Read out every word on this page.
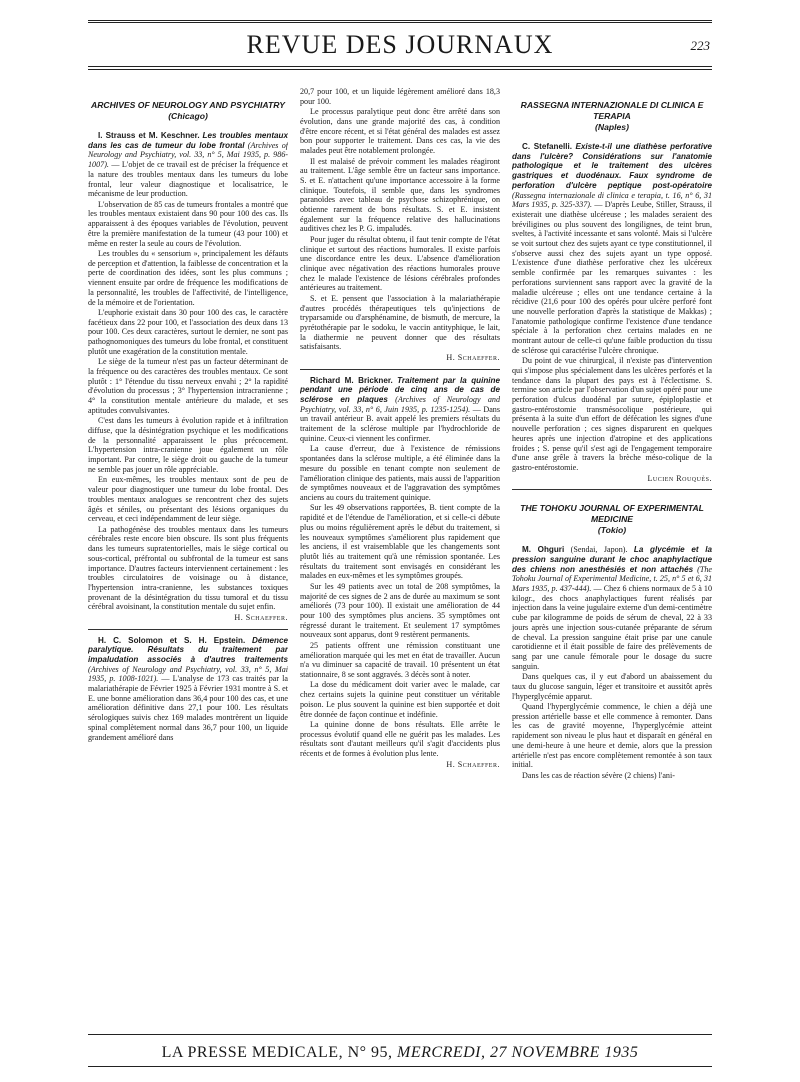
REVUE DES JOURNAUX	223
ARCHIVES OF NEUROLOGY AND PSYCHIATRY
(Chicago)

I. Strauss et M. Keschner. Les troubles mentaux dans les cas de tumeur du lobe frontal (Archives of Neurology and Psychiatry, vol. 33, n° 5, Mai 1935, p. 986-1007). — L'objet de ce travail est de préciser la fréquence et la nature des troubles mentaux dans les tumeurs du lobe frontal, leur valeur diagnostique et localisatrice, le mécanisme de leur production.

L'observation de 85 cas de tumeurs frontales a montré que les troubles mentaux existaient dans 90 pour 100 des cas. Ils apparaissent à des époques variables de l'évolution, peuvent être la première manifestation de la tumeur (43 pour 100) et même en rester la seule au cours de l'évolution.

Les troubles du « sensorium », principalement les défauts de perception et d'attention, la faiblesse de concentration et la perte de coordination des idées, sont les plus communs ; viennent ensuite par ordre de fréquence les modifications de la personnalité, les troubles de l'affectivité, de l'intelligence, de la mémoire et de l'orientation.

L'euphorie existait dans 30 pour 100 des cas, le caractère facétieux dans 22 pour 100, et l'association des deux dans 13 pour 100. Ces deux caractères, surtout le dernier, ne sont pas pathognomoniques des tumeurs du lobe frontal, et constituent plutôt une exagération de la constitution mentale.

Le siège de la tumeur n'est pas un facteur déterminant de la fréquence ou des caractères des troubles mentaux. Ce sont plutôt : 1° l'étendue du tissu nerveux envahi ; 2° la rapidité d'évolution du processus ; 3° l'hypertension intracranienne ; 4° la constitution mentale antérieure du malade, et ses aptitudes convulsivantes.

C'est dans les tumeurs à évolution rapide et à infiltration diffuse, que la désintégration psychique et les modifications de la personnalité apparaissent le plus précocement. L'hypertension intra-cranienne joue également un rôle important. Par contre, le siège droit ou gauche de la tumeur ne semble pas jouer un rôle appréciable.

En eux-mêmes, les troubles mentaux sont de peu de valeur pour diagnostiquer une tumeur du lobe frontal. Des troubles mentaux analogues se rencontrent chez des sujets âgés et séniles, ou présentant des lésions organiques du cerveau, et ceci indépendamment de leur siège.

La pathogénèse des troubles mentaux dans les tumeurs cérébrales reste encore bien obscure. Ils sont plus fréquents dans les tumeurs supratentorielles, mais le siège cortical ou sous-cortical, préfrontal ou subfrontal de la tumeur est sans importance. D'autres facteurs interviennent certainement : les troubles circulatoires de voisinage ou à distance, l'hypertension intra-cranienne, les substances toxiques provenant de la désintégration du tissu tumoral et du tissu cérébral avoisinant, la constitution mentale du sujet enfin.

H. Schaeffer.

H. C. Solomon et S. H. Epstein. Démence paralytique. Résultats du traitement par impaludation associés à d'autres traitements (Archives of Neurology and Psychiatry, vol. 33, n° 5, Mai 1935, p. 1008-1021). — L'analyse de 173 cas traités par la malariathérapie de Février 1925 à Février 1931 montre à S. et E. une bonne amélioration dans 36,4 pour 100 des cas, et une amélioration définitive dans 27,1 pour 100. Les résultats sérologiques suivis chez 169 malades montrèrent un liquide spinal complètement normal dans 36,7 pour 100, un liquide grandement amélioré dans

20,7 pour 100, et un liquide légèrement amélioré dans 18,3 pour 100.

Le processus paralytique peut donc être arrêté dans son évolution, dans une grande majorité des cas, à condition d'être encore récent, et si l'état général des malades est assez bon pour supporter le traitement. Dans ces cas, la vie des malades peut être notablement prolongée.

Il est malaisé de prévoir comment les malades réagiront au traitement. L'âge semble être un facteur sans importance. S. et E. n'attachent qu'une importance accessoire à la forme clinique. Toutefois, il semble que, dans les syndromes paranoïdes avec tableau de psychose schizophrénique, on obtienne rarement de bons résultats. S. et E. insistent également sur la fréquence relative des hallucinations auditives chez les P. G. impaludés.

Pour juger du résultat obtenu, il faut tenir compte de l'état clinique et surtout des réactions humorales. Il existe parfois une discordance entre les deux. L'absence d'amélioration clinique avec négativation des réactions humorales prouve chez le malade l'existence de lésions cérébrales profondes antérieures au traitement.

S. et E. pensent que l'association à la malariathérapie d'autres procédés thérapeutiques tels qu'injections de tryparsamide ou d'arsphénamine, de bismuth, de mercure, la pyrétothérapie par le sodoku, le vaccin antityphique, le lait, la diathermie ne peuvent donner que des résultats satisfaisants.

H. Schaeffer.

Richard M. Brickner. Traitement par la quinine pendant une période de cinq ans de cas de sclérose en plaques (Archives of Neurology and Psychiatry, vol. 33, n° 6, Juin 1935, p. 1235-1254). — Dans un travail antérieur B. avait appelé les premiers résultats du traitement de la sclérose multiple par l'hydrochloride de quinine. Ceux-ci viennent les confirmer.

La cause d'erreur, due à l'existence de rémissions spontanées dans la sclérose multiple, a été éliminée dans la mesure du possible en tenant compte non seulement de l'amélioration clinique des patients, mais aussi de l'apparition de symptômes nouveaux et de l'aggravation des symptômes anciens au cours du traitement quinique.

Sur les 49 observations rapportées, B. tient compte de la rapidité et de l'étendue de l'amélioration, et si celle-ci débute plus ou moins régulièrement après le début du traitement, si les nouveaux symptômes s'améliorent plus rapidement que les anciens, il est vraisemblable que les changements sont plutôt liés au traitement qu'à une rémission spontanée. Les résultats du traitement sont envisagés en considérant les malades en eux-mêmes et les symptômes groupés.

Sur les 49 patients avec un total de 208 symptômes, la majorité de ces signes de 2 ans de durée au maximum se sont améliorés (73 pour 100). Il existait une amélioration de 44 pour 100 des symptômes plus anciens. 35 symptômes ont régressé durant le traitement. Et seulement 17 symptômes nouveaux sont apparus, dont 9 restèrent permanents.

25 patients offrent une rémission constituant une amélioration marquée qui les met en état de travailler. Aucun n'a vu diminuer sa capacité de travail. 10 présentent un état stationnaire, 8 se sont aggravés. 3 décès sont à noter.

La dose du médicament doit varier avec le malade, car chez certains sujets la quinine peut constituer un véritable poison. Le plus souvent la quinine est bien supportée et doit être donnée de façon continue et indéfinie.

La quinine donne de bons résultats. Elle arrête le processus évolutif quand elle ne guérit pas les malades. Les résultats sont d'autant meilleurs qu'il s'agit d'accidents plus récents et de formes à évolution plus lente.

H. Schaeffer.

RASSEGNA INTERNAZIONALE DI CLINICA E TERAPIA
(Naples)

C. Stefanelli. Existe-t-il une diathèse perforative dans l'ulcère? Considérations sur l'anatomie pathologique et le traitement des ulcères gastriques et duodénaux. Faux syndrome de perforation d'ulcère peptique post-opératoire (Rassegna internazionale di clinica e terapia, t. 16, n° 6, 31 Mars 1935, p. 325-337). — D'après Leube, Stiller, Strauss, il existerait une diathèse ulcéreuse ; les malades seraient des bréviligines ou plus souvent des longilignes, de teint brun, sveltes, à l'activité incessante et sans volonté. Mais si l'ulcère se voit surtout chez des sujets ayant ce type constitutionnel, il s'observe aussi chez des sujets ayant un type opposé. L'existence d'une diathèse perforative chez les ulcéreux semble confirmée par les remarques suivantes : les perforations surviennent sans rapport avec la gravité de la maladie ulcéreuse ; elles ont une tendance certaine à la récidive (21,6 pour 100 des opérés pour ulcère perforé font une nouvelle perforation d'après la statistique de Makkas) ; l'anatomie pathologique confirme l'existence d'une tendance spéciale à la perforation chez certains malades en ne montrant autour de celle-ci qu'une faible production du tissu de sclérose qui caractérise l'ulcère chronique.

Du point de vue chirurgical, il n'existe pas d'intervention qui s'impose plus spécialement dans les ulcères perforés et la tendance dans la plupart des pays est à l'éclectisme. S. termine son article par l'observation d'un sujet opéré pour une perforation d'ulcus duodénal par suture, épiploplastie et gastro-entérostomie transmésocolique postérieure, qui présenta à la suite d'un effort de défécation les signes d'une nouvelle perforation ; ces signes disparurent en quelques heures après une injection d'atropine et des applications froides ; S. pense qu'il s'est agi de l'engagement temporaire d'une anse grêle à travers la brèche méso-colique de la gastro-entérostomie.

Lucien Rouquès.

THE TOHOKU JOURNAL OF EXPERIMENTAL MEDICINE
(Tokio)

M. Ohguri (Sendai, Japon). La glycémie et la pression sanguine durant le choc anaphylactique des chiens non anesthésiés et non attachés (The Tohoku Journal of Experimental Medicine, t. 25, n° 5 et 6, 31 Mars 1935, p. 437-444). — Chez 6 chiens normaux de 5 à 10 kilogr., des chocs anaphylactiques furent réalisés par injection dans la veine jugulaire externe d'un demi-centimètre cube par kilogramme de poids de sérum de cheval, 22 à 33 jours après une injection sous-cutanée préparante de sérum de cheval. La pression sanguine était prise par une canule carotidienne et il était possible de faire des prélèvements de sang par une canule fémorale pour le dosage du sucre sanguin.

Dans quelques cas, il y eut d'abord un abaissement du taux du glucose sanguin, léger et transitoire et aussitôt après l'hyperglycémie apparut.

Quand l'hyperglycémie commence, le chien a déjà une pression artérielle basse et elle commence à remonter. Dans les cas de gravité moyenne, l'hyperglycémie atteint rapidement son niveau le plus haut et disparaît en général en une demi-heure à une heure et demie, alors que la pression artérielle n'est pas encore complètement remontée à son taux initial.

Dans les cas de réaction sévère (2 chiens) l'ani-

LA PRESSE MEDICALE, N° 95, MERCREDI, 27 NOVEMBRE 1935
